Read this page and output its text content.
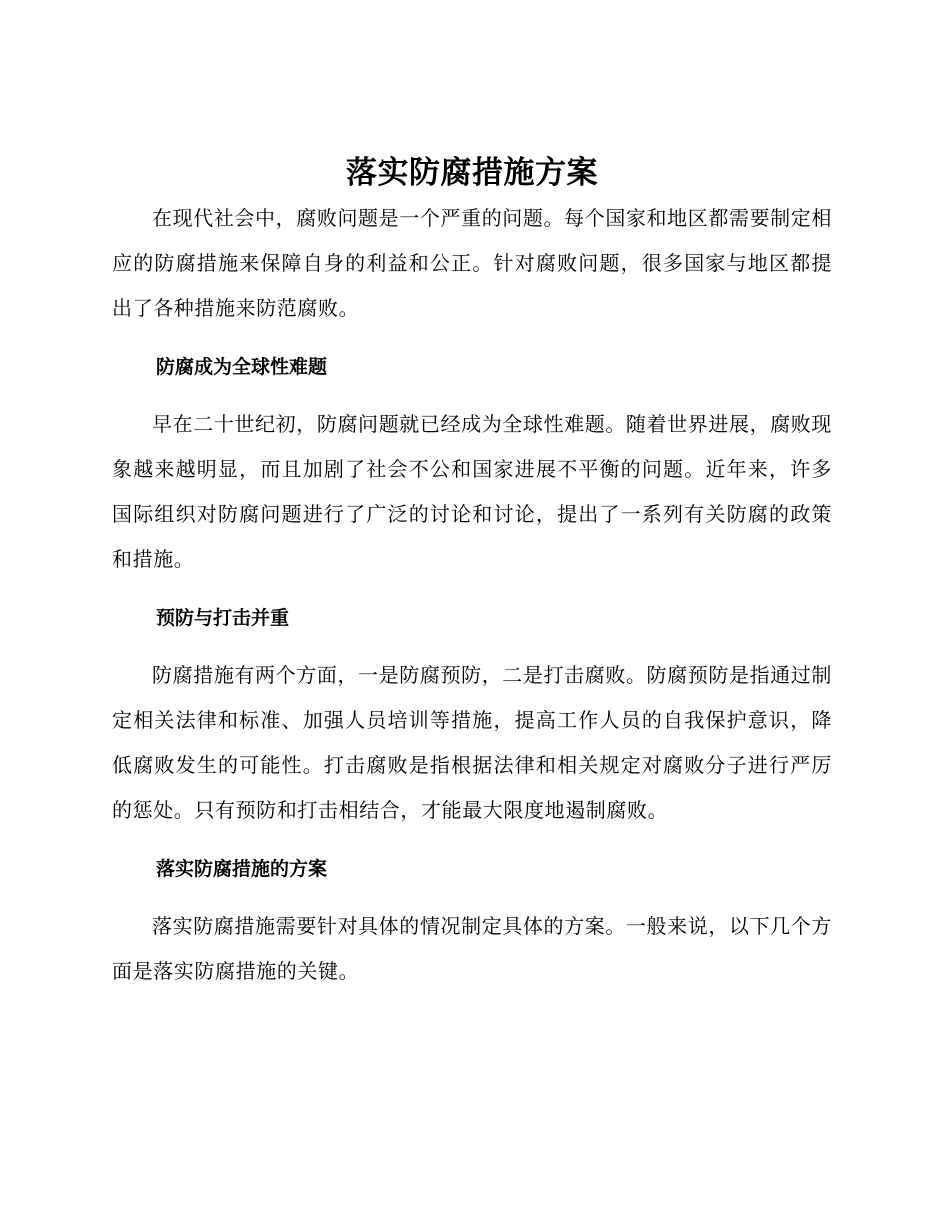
落实防腐措施方案

在现代社会中，腐败问题是一个严重的问题。每个国家和地区都需要制定相应的防腐措施来保障自身的利益和公正。针对腐败问题，很多国家与地区都提出了各种措施来防范腐败。

防腐成为全球性难题

早在二十世纪初，防腐问题就已经成为全球性难题。随着世界进展，腐败现象越来越明显，而且加剧了社会不公和国家进展不平衡的问题。近年来，许多国际组织对防腐问题进行了广泛的讨论和讨论，提出了一系列有关防腐的政策和措施。

预防与打击并重

防腐措施有两个方面，一是防腐预防，二是打击腐败。防腐预防是指通过制定相关法律和标准、加强人员培训等措施，提高工作人员的自我保护意识，降低腐败发生的可能性。打击腐败是指根据法律和相关规定对腐败分子进行严厉的惩处。只有预防和打击相结合，才能最大限度地遏制腐败。

落实防腐措施的方案

落实防腐措施需要针对具体的情况制定具体的方案。一般来说，以下几个方面是落实防腐措施的关键。
